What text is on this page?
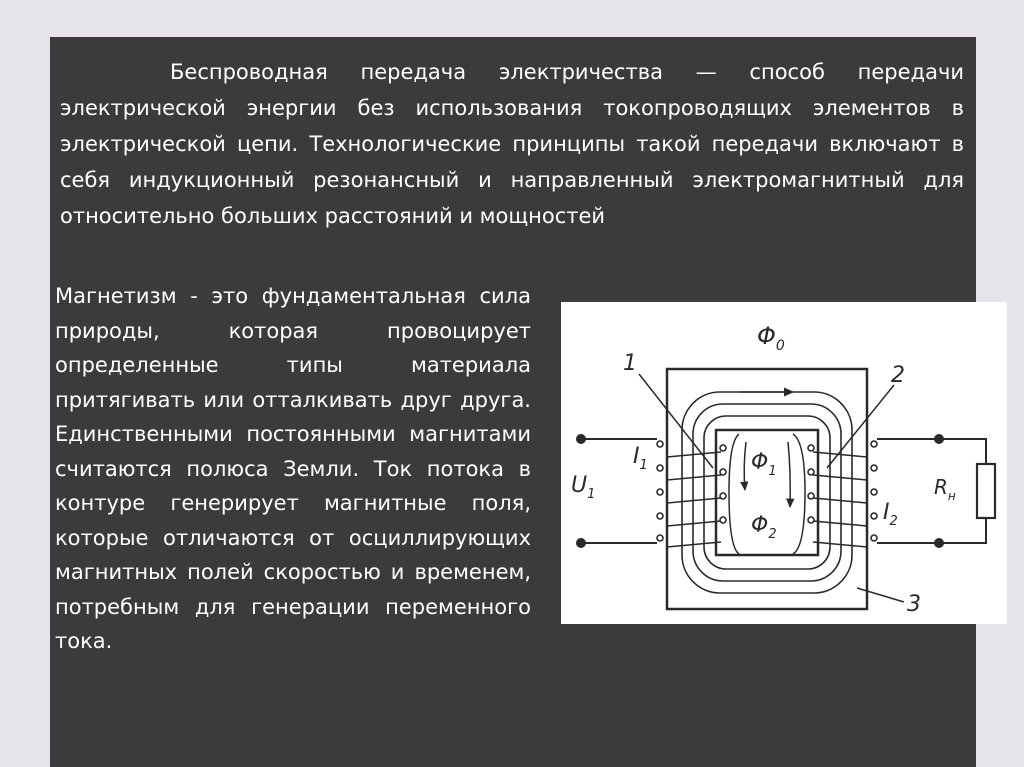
Беспроводная передача электричества — способ передачи электрической энергии без использования токопроводящих элементов в электрической цепи. Технологические принципы такой передачи включают в себя индукционный резонансный и направленный электромагнитный для относительно больших расстояний и мощностей

Магнетизм - это фундаментальная сила природы, которая провоцирует определенные типы материала притягивать или отталкивать друг друга. Единственными постоянными магнитами считаются полюса Земли. Ток потока в контуре генерирует магнитные поля, которые отличаются от осциллирующих магнитных полей скоростью и временем, потребным для генерации переменного тока.

$\Phi_0$
$\Phi_1$
$\Phi_2$
$I_1$
$I_2$
$U_1$	$R_н$
1	2
3
